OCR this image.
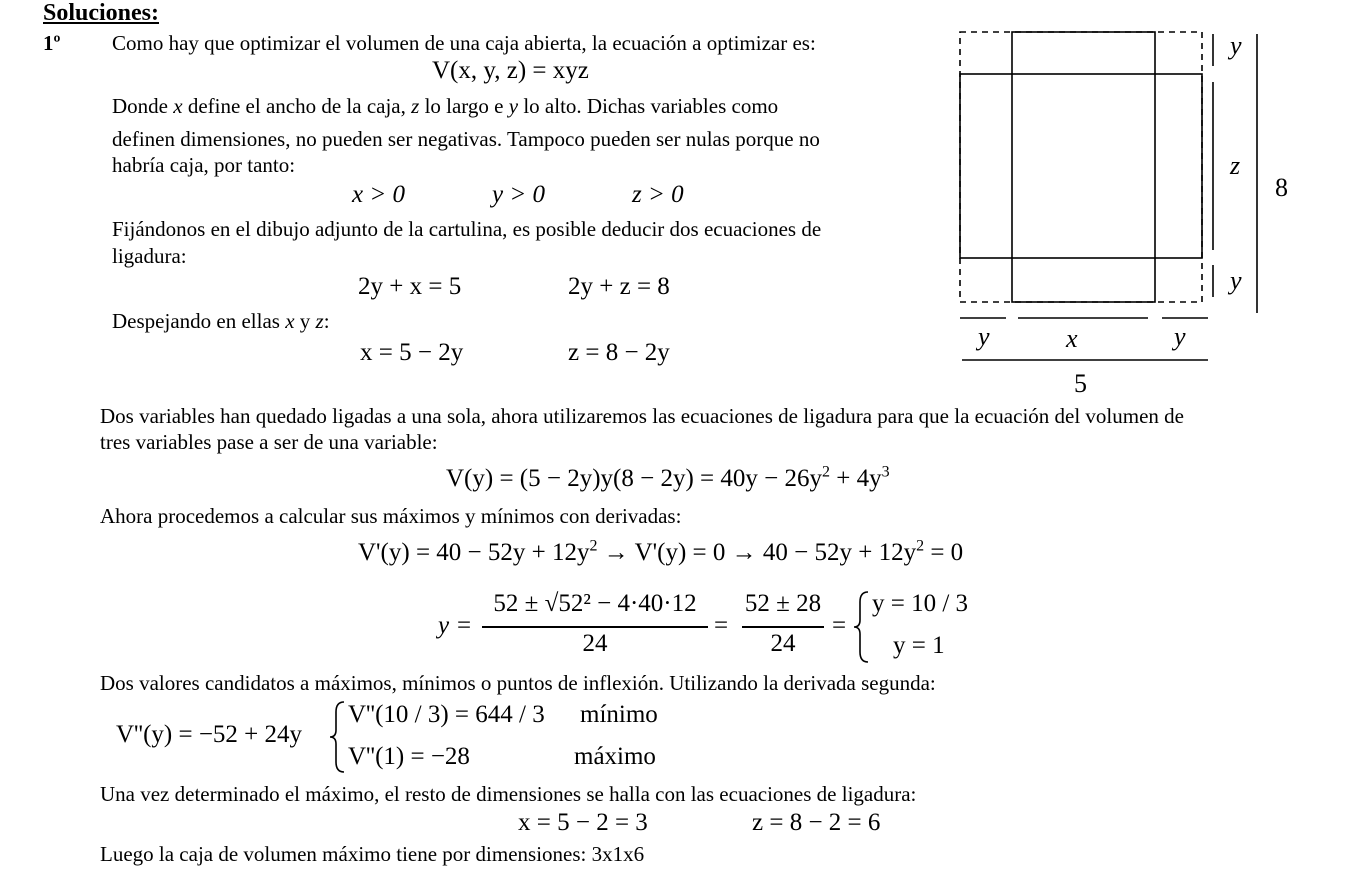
Soluciones:
1º Como hay que optimizar el volumen de una caja abierta, la ecuación a optimizar es:
V(x, y, z) = xyz
Donde x define el ancho de la caja, z lo largo e y lo alto. Dichas variables como
definen dimensiones, no pueden ser negativas. Tampoco pueden ser nulas porque no
habría caja, por tanto:
x > 0	y > 0	z > 0
Fijándonos en el dibujo adjunto de la cartulina, es posible deducir dos ecuaciones de
ligadura:
2y + x = 5	2y + z = 8
Despejando en ellas x y z:
x = 5 − 2y	z = 8 − 2y
y
z
y
y	x	y
8
5
Dos variables han quedado ligadas a una sola, ahora utilizaremos las ecuaciones de ligadura para que la ecuación del volumen de
tres variables pase a ser de una variable:
$V(y) = (5 - 2y)y(8 - 2y) = 40y - 26y^2 + 4y^3$
Ahora procedemos a calcular sus máximos y mínimos con derivadas:
$V'(y) = 40 - 52y + 12y^2 \to V'(y) = 0 \to 40 - 52y + 12y^2 = 0$
y =
52 ± √52² − 4·40·12
24
=
52 ± 28
24
=
y = 10 / 3
y = 1
Dos valores candidatos a máximos, mínimos o puntos de inflexión. Utilizando la derivada segunda:
V''(y) = −52 + 24y
V''(10 / 3) = 644 / 3 mínimo
V''(1) = −28	máximo
Una vez determinado el máximo, el resto de dimensiones se halla con las ecuaciones de ligadura:
x = 5 − 2 = 3	z = 8 − 2 = 6
Luego la caja de volumen máximo tiene por dimensiones: 3x1x6
